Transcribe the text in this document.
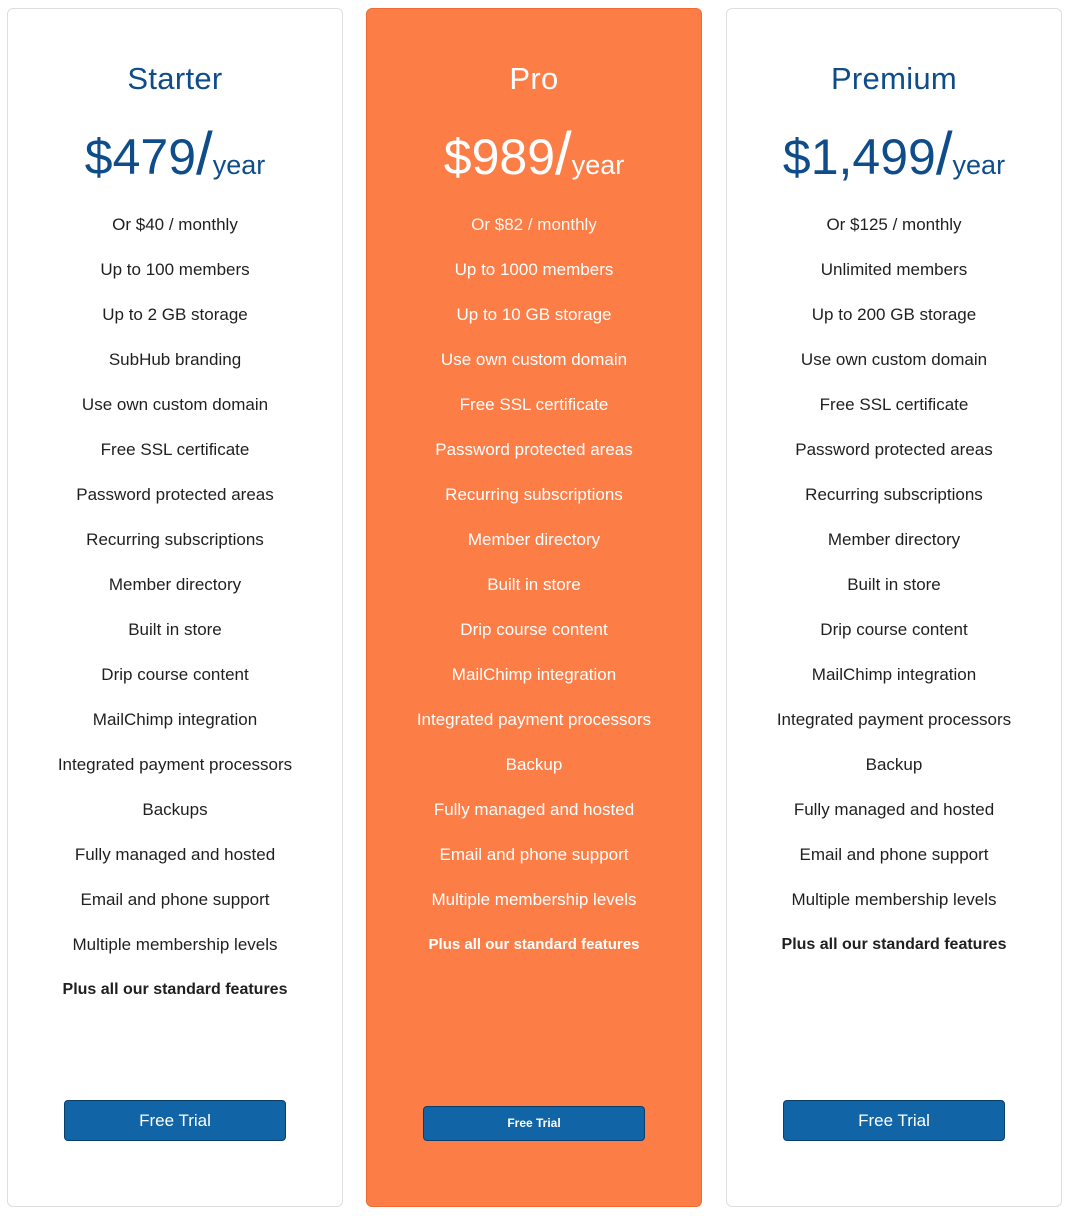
Starter
$479/year
Or $40 / monthly
Up to 100 members
Up to 2 GB storage
SubHub branding
Use own custom domain
Free SSL certificate
Password protected areas
Recurring subscriptions
Member directory
Built in store
Drip course content
MailChimp integration
Integrated payment processors
Backups
Fully managed and hosted
Email and phone support
Multiple membership levels
Plus all our standard features
Free Trial
Pro
$989/year
Or $82 / monthly
Up to 1000 members
Up to 10 GB storage
Use own custom domain
Free SSL certificate
Password protected areas
Recurring subscriptions
Member directory
Built in store
Drip course content
MailChimp integration
Integrated payment processors
Backup
Fully managed and hosted
Email and phone support
Multiple membership levels
Plus all our standard features
Free Trial
Premium
$1,499/year
Or $125 / monthly
Unlimited members
Up to 200 GB storage
Use own custom domain
Free SSL certificate
Password protected areas
Recurring subscriptions
Member directory
Built in store
Drip course content
MailChimp integration
Integrated payment processors
Backup
Fully managed and hosted
Email and phone support
Multiple membership levels
Plus all our standard features
Free Trial
